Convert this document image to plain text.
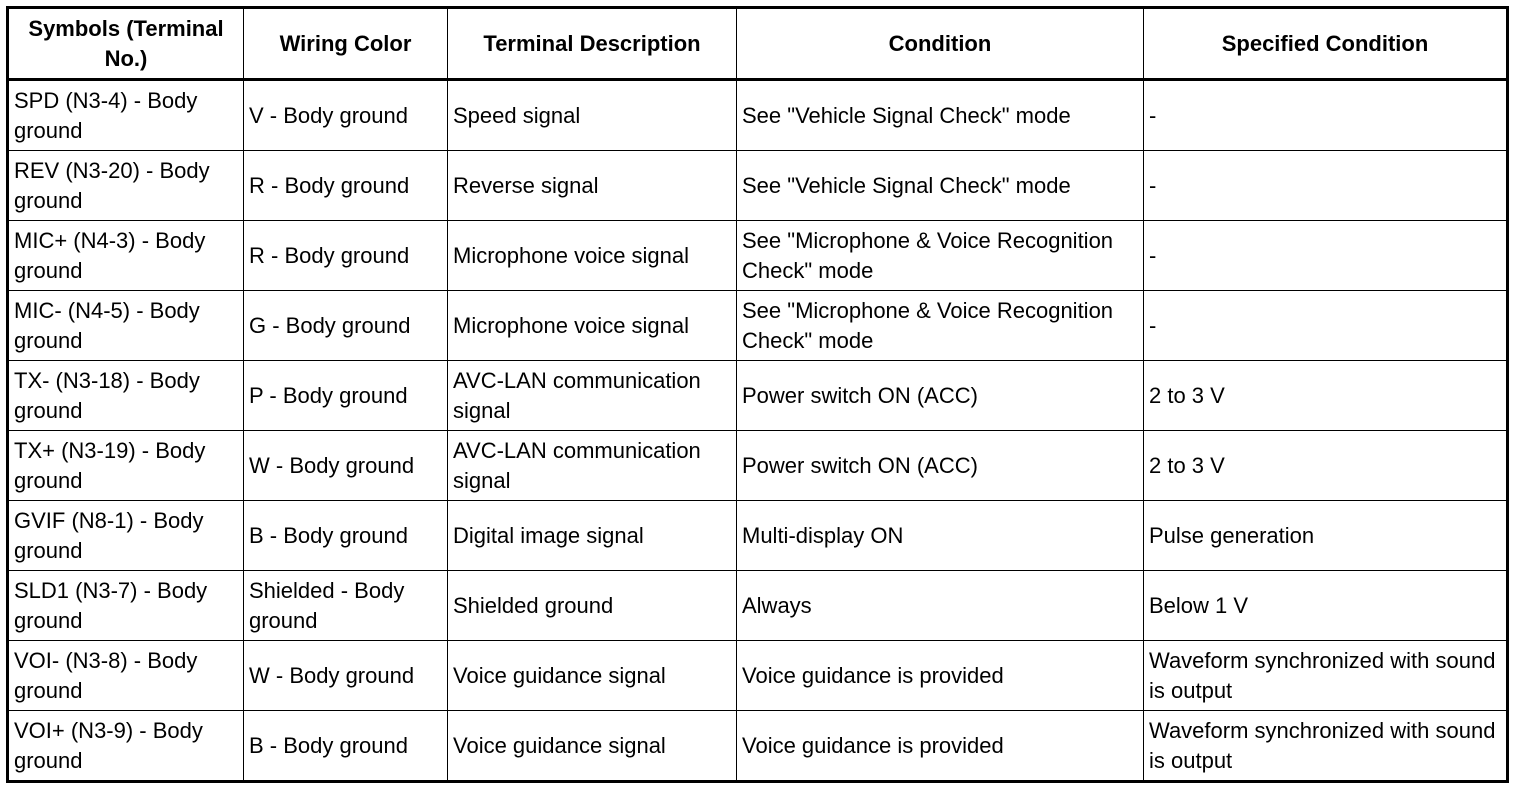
Symbols (Terminal No.)	Wiring Color	Terminal Description	Condition	Specified Condition
SPD (N3-4) - Body ground	V - Body ground	Speed signal	See "Vehicle Signal Check" mode	-
REV (N3-20) - Body ground	R - Body ground	Reverse signal	See "Vehicle Signal Check" mode	-
MIC+ (N4-3) - Body ground	R - Body ground	Microphone voice signal	See "Microphone & Voice Recognition Check" mode	-
MIC- (N4-5) - Body ground	G - Body ground	Microphone voice signal	See "Microphone & Voice Recognition Check" mode	-
TX- (N3-18) - Body ground	P - Body ground	AVC-LAN communication signal	Power switch ON (ACC)	2 to 3 V
TX+ (N3-19) - Body ground	W - Body ground	AVC-LAN communication signal	Power switch ON (ACC)	2 to 3 V
GVIF (N8-1) - Body ground	B - Body ground	Digital image signal	Multi-display ON	Pulse generation
SLD1 (N3-7) - Body ground	Shielded - Body ground	Shielded ground	Always	Below 1 V
VOI- (N3-8) - Body ground	W - Body ground	Voice guidance signal	Voice guidance is provided	Waveform synchronized with sound is output
VOI+ (N3-9) - Body ground	B - Body ground	Voice guidance signal	Voice guidance is provided	Waveform synchronized with sound is output
